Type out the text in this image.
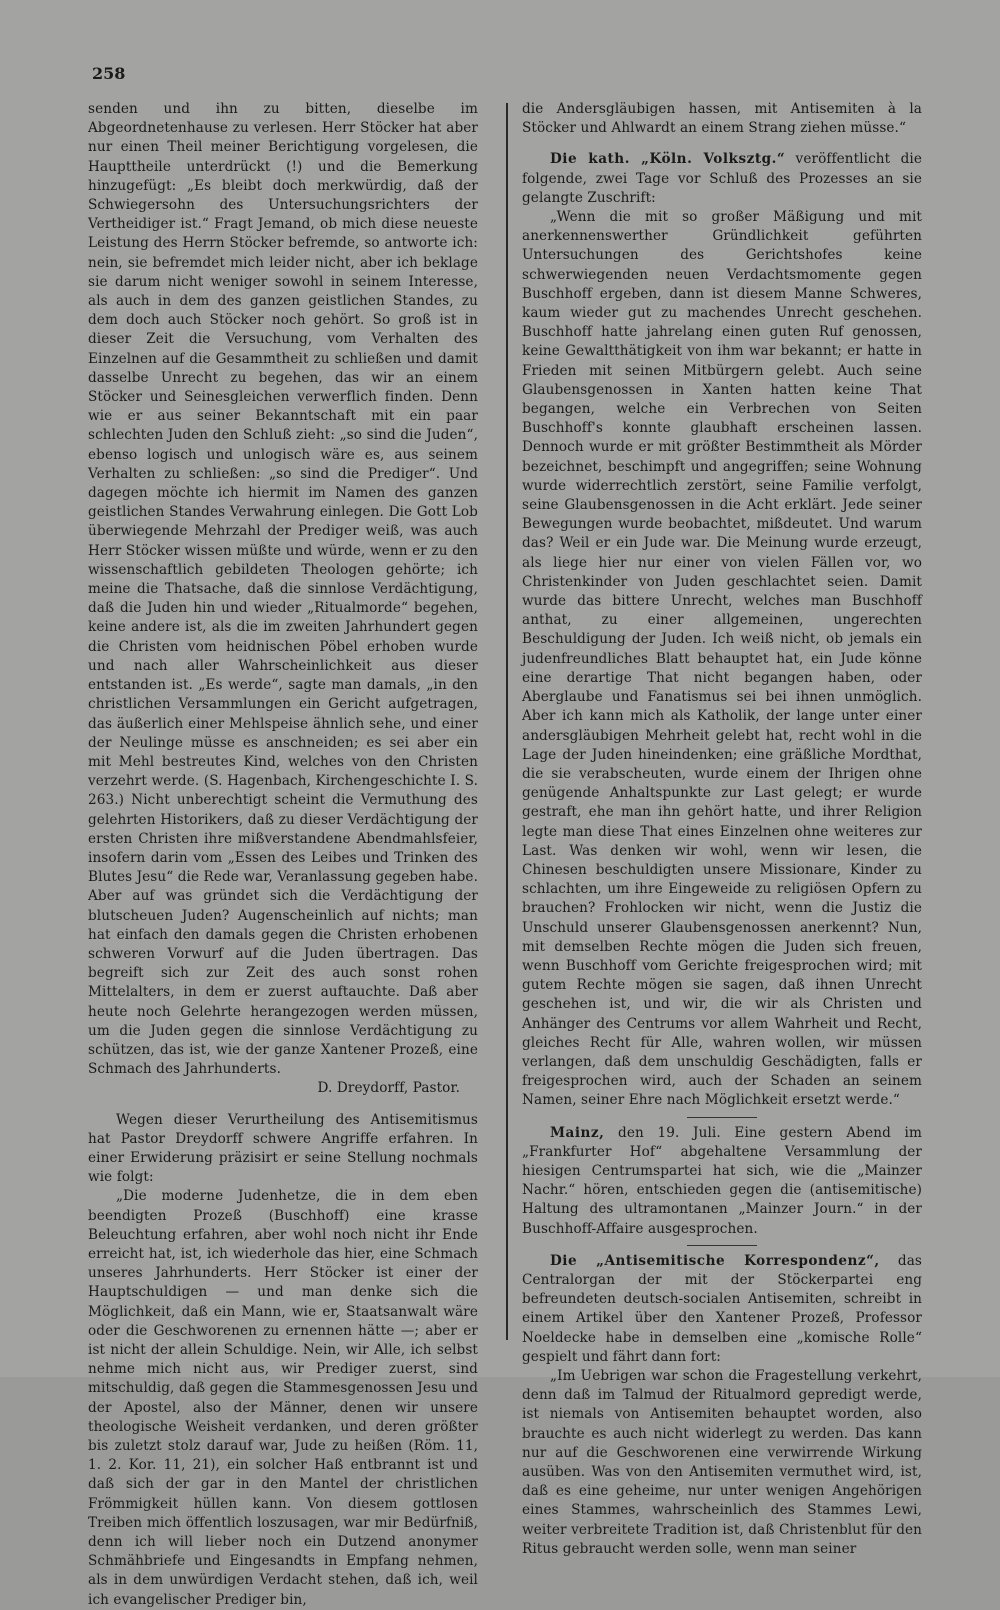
258

senden und ihn zu bitten, dieselbe im Abgeordnetenhause zu verlesen. Herr Stöcker hat aber nur einen Theil meiner Berichtigung vorgelesen, die Haupttheile unterdrückt (!) und die Bemerkung hinzugefügt: „Es bleibt doch merkwürdig, daß der Schwiegersohn des Untersuchungsrichters der Vertheidiger ist.“ Fragt Jemand, ob mich diese neueste Leistung des Herrn Stöcker befremde, so antworte ich: nein, sie befremdet mich leider nicht, aber ich beklage sie darum nicht weniger sowohl in seinem Interesse, als auch in dem des ganzen geistlichen Standes, zu dem doch auch Stöcker noch gehört. So groß ist in dieser Zeit die Versuchung, vom Verhalten des Einzelnen auf die Gesammtheit zu schließen und damit dasselbe Unrecht zu begehen, das wir an einem Stöcker und Seinesgleichen verwerflich finden. Denn wie er aus seiner Bekanntschaft mit ein paar schlechten Juden den Schluß zieht: „so sind die Juden“, ebenso logisch und unlogisch wäre es, aus seinem Verhalten zu schließen: „so sind die Prediger“. Und dagegen möchte ich hiermit im Namen des ganzen geistlichen Standes Verwahrung einlegen. Die Gott Lob überwiegende Mehrzahl der Prediger weiß, was auch Herr Stöcker wissen müßte und würde, wenn er zu den wissenschaftlich gebildeten Theologen gehörte; ich meine die Thatsache, daß die sinnlose Verdächtigung, daß die Juden hin und wieder „Ritualmorde“ begehen, keine andere ist, als die im zweiten Jahrhundert gegen die Christen vom heidnischen Pöbel erhoben wurde und nach aller Wahrscheinlichkeit aus dieser entstanden ist. „Es werde“, sagte man damals, „in den christlichen Versammlungen ein Gericht aufgetragen, das äußerlich einer Mehlspeise ähnlich sehe, und einer der Neulinge müsse es anschneiden; es sei aber ein mit Mehl bestreutes Kind, welches von den Christen verzehrt werde. (S. Hagenbach, Kirchengeschichte I. S. 263.) Nicht unberechtigt scheint die Vermuthung des gelehrten Historikers, daß zu dieser Verdächtigung der ersten Christen ihre mißverstandene Abendmahlsfeier, insofern darin vom „Essen des Leibes und Trinken des Blutes Jesu“ die Rede war, Veranlassung gegeben habe. Aber auf was gründet sich die Verdächtigung der blutscheuen Juden? Augenscheinlich auf nichts; man hat einfach den damals gegen die Christen erhobenen schweren Vorwurf auf die Juden übertragen. Das begreift sich zur Zeit des auch sonst rohen Mittelalters, in dem er zuerst auftauchte. Daß aber heute noch Gelehrte herangezogen werden müssen, um die Juden gegen die sinnlose Verdächtigung zu schützen, das ist, wie der ganze Xantener Prozeß, eine Schmach des Jahrhunderts.

D. Dreydorff, Pastor.

Wegen dieser Verurtheilung des Antisemitismus hat Pastor Dreydorff schwere Angriffe erfahren. In einer Erwiderung präzisirt er seine Stellung nochmals wie folgt:

„Die moderne Judenhetze, die in dem eben beendigten Prozeß (Buschhoff) eine krasse Beleuchtung erfahren, aber wohl noch nicht ihr Ende erreicht hat, ist, ich wiederhole das hier, eine Schmach unseres Jahrhunderts. Herr Stöcker ist einer der Hauptschuldigen — und man denke sich die Möglichkeit, daß ein Mann, wie er, Staatsanwalt wäre oder die Geschworenen zu ernennen hätte —; aber er ist nicht der allein Schuldige. Nein, wir Alle, ich selbst nehme mich nicht aus, wir Prediger zuerst, sind mitschuldig, daß gegen die Stammesgenossen Jesu und der Apostel, also der Männer, denen wir unsere theologische Weisheit verdanken, und deren größter bis zuletzt stolz darauf war, Jude zu heißen (Röm. 11, 1. 2. Kor. 11, 21), ein solcher Haß entbrannt ist und daß sich der gar in den Mantel der christlichen Frömmigkeit hüllen kann. Von diesem gottlosen Treiben mich öffentlich loszusagen, war mir Bedürfniß, denn ich will lieber noch ein Dutzend anonymer Schmähbriefe und Eingesandts in Empfang nehmen, als in dem unwürdigen Verdacht stehen, daß ich, weil ich evangelischer Prediger bin,

die Andersgläubigen hassen, mit Antisemiten à la Stöcker und Ahlwardt an einem Strang ziehen müsse.“

Die kath. „Köln. Volksztg.“ veröffentlicht die folgende, zwei Tage vor Schluß des Prozesses an sie gelangte Zuschrift:

„Wenn die mit so großer Mäßigung und mit anerkennenswerther Gründlichkeit geführten Untersuchungen des Gerichtshofes keine schwerwiegenden neuen Verdachtsmomente gegen Buschhoff ergeben, dann ist diesem Manne Schweres, kaum wieder gut zu machendes Unrecht geschehen. Buschhoff hatte jahrelang einen guten Ruf genossen, keine Gewaltthätigkeit von ihm war bekannt; er hatte in Frieden mit seinen Mitbürgern gelebt. Auch seine Glaubensgenossen in Xanten hatten keine That begangen, welche ein Verbrechen von Seiten Buschhoff's konnte glaubhaft erscheinen lassen. Dennoch wurde er mit größter Bestimmtheit als Mörder bezeichnet, beschimpft und angegriffen; seine Wohnung wurde widerrechtlich zerstört, seine Familie verfolgt, seine Glaubensgenossen in die Acht erklärt. Jede seiner Bewegungen wurde beobachtet, mißdeutet. Und warum das? Weil er ein Jude war. Die Meinung wurde erzeugt, als liege hier nur einer von vielen Fällen vor, wo Christenkinder von Juden geschlachtet seien. Damit wurde das bittere Unrecht, welches man Buschhoff anthat, zu einer allgemeinen, ungerechten Beschuldigung der Juden. Ich weiß nicht, ob jemals ein judenfreundliches Blatt behauptet hat, ein Jude könne eine derartige That nicht begangen haben, oder Aberglaube und Fanatismus sei bei ihnen unmöglich. Aber ich kann mich als Katholik, der lange unter einer andersgläubigen Mehrheit gelebt hat, recht wohl in die Lage der Juden hineindenken; eine gräßliche Mordthat, die sie verabscheuten, wurde einem der Ihrigen ohne genügende Anhaltspunkte zur Last gelegt; er wurde gestraft, ehe man ihn gehört hatte, und ihrer Religion legte man diese That eines Einzelnen ohne weiteres zur Last. Was denken wir wohl, wenn wir lesen, die Chinesen beschuldigten unsere Missionare, Kinder zu schlachten, um ihre Eingeweide zu religiösen Opfern zu brauchen? Frohlocken wir nicht, wenn die Justiz die Unschuld unserer Glaubensgenossen anerkennt? Nun, mit demselben Rechte mögen die Juden sich freuen, wenn Buschhoff vom Gerichte freigesprochen wird; mit gutem Rechte mögen sie sagen, daß ihnen Unrecht geschehen ist, und wir, die wir als Christen und Anhänger des Centrums vor allem Wahrheit und Recht, gleiches Recht für Alle, wahren wollen, wir müssen verlangen, daß dem unschuldig Geschädigten, falls er freigesprochen wird, auch der Schaden an seinem Namen, seiner Ehre nach Möglichkeit ersetzt werde.“

Mainz, den 19. Juli. Eine gestern Abend im „Frankfurter Hof“ abgehaltene Versammlung der hiesigen Centrumspartei hat sich, wie die „Mainzer Nachr.“ hören, entschieden gegen die (antisemitische) Haltung des ultramontanen „Mainzer Journ.“ in der Buschhoff-Affaire ausgesprochen.

Die „Antisemitische Korrespondenz“, das Centralorgan der mit der Stöckerpartei eng befreundeten deutsch-socialen Antisemiten, schreibt in einem Artikel über den Xantener Prozeß, Professor Noeldecke habe in demselben eine „komische Rolle“ gespielt und fährt dann fort:

„Im Uebrigen war schon die Fragestellung verkehrt, denn daß im Talmud der Ritualmord gepredigt werde, ist niemals von Antisemiten behauptet worden, also brauchte es auch nicht widerlegt zu werden. Das kann nur auf die Geschworenen eine verwirrende Wirkung ausüben. Was von den Antisemiten vermuthet wird, ist, daß es eine geheime, nur unter wenigen Angehörigen eines Stammes, wahrscheinlich des Stammes Lewi, weiter verbreitete Tradition ist, daß Christenblut für den Ritus gebraucht werden solle, wenn man seiner
